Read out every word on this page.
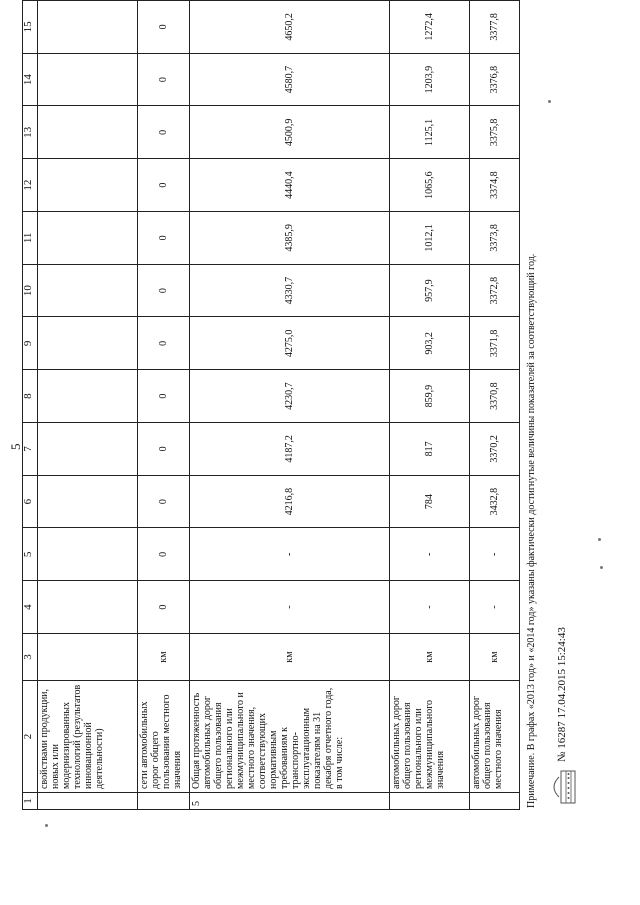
5
1	2	3	4	5	6	7	8	9	10	11	12	13	14	15
	свойствами продукции, новых или модернизированных технологий (результатов инновационной деятельности)													
	сети автомобильных дорог общего пользования местного значения	км	0	0	0	0	0	0	0	0	0	0	0	0
5	Общая протяженность автомобильных дорог общего пользования регионального или межмуниципального и местного значения, соответствующих нормативным требованиям к транспортно-эксплуатационным показателям на 31 декабря отчетного года, в том числе:	км	-	-	4216,8	4187,2	4230,7	4275,0	4330,7	4385,9	4440,4	4500,9	4580,7	4650,2
	автомобильных дорог общего пользования регионального или межмуниципального значения	км	-	-	784	817	859,9	903,2	957,9	1012,1	1065,6	1125,1	1203,9	1272,4
	автомобильных дорог общего пользования местного значения	км	-	-	3432,8	3370,2	3370,8	3371,8	3372,8	3373,8	3374,8	3375,8	3376,8	3377,8
Примечание. В графах «2013 год» и «2014 год» указаны фактически достигнутые величины показателей за соответствующий год. № 16287 17.04.2015 15:24:43
